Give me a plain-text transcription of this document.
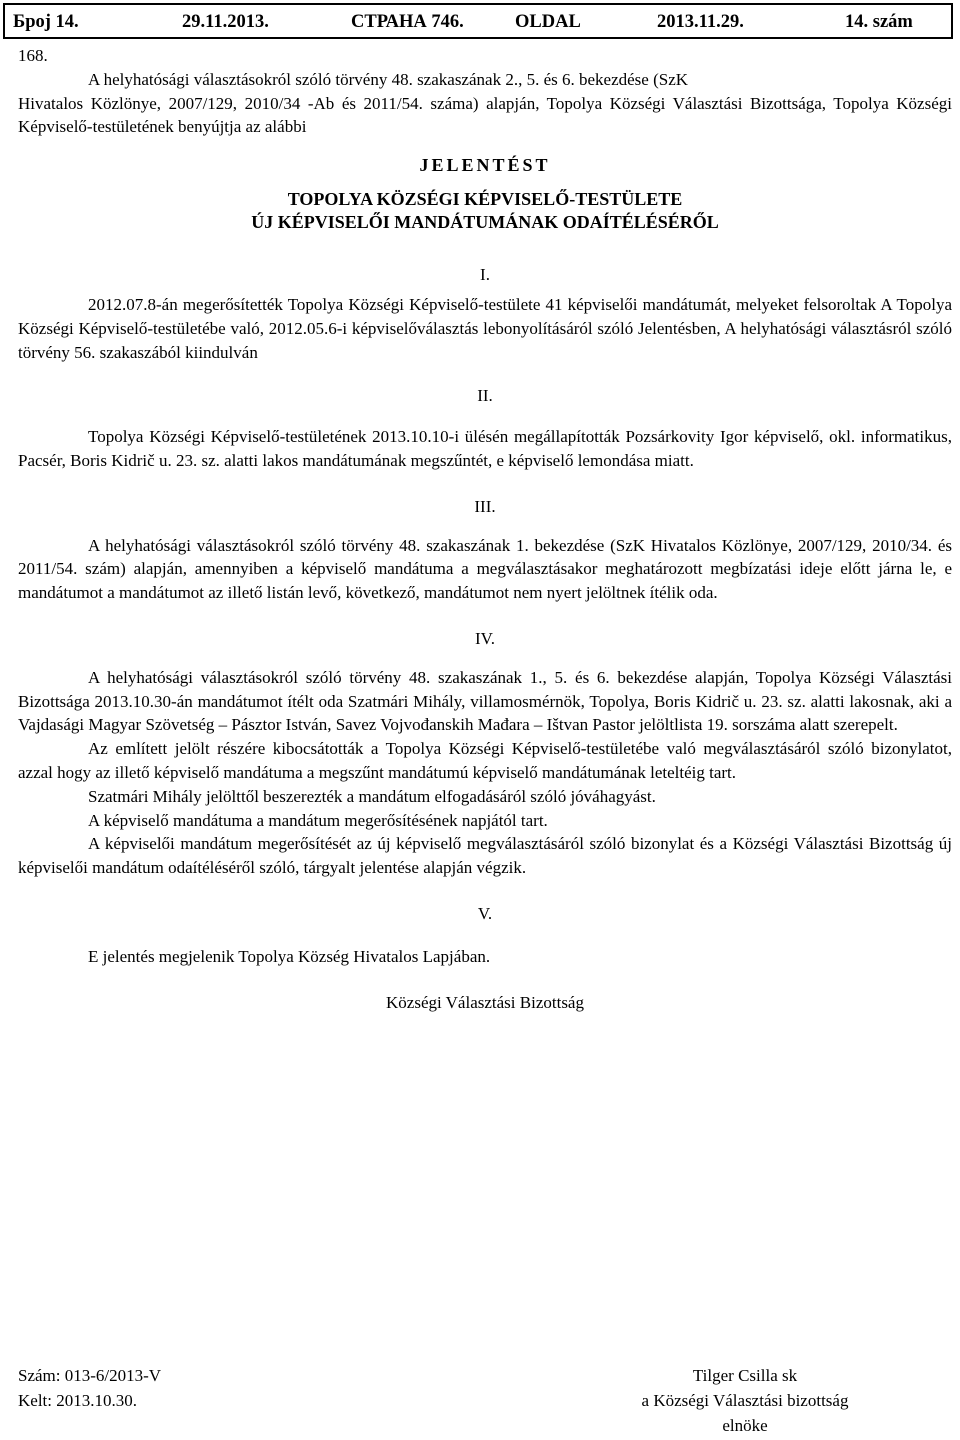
Број 14.	29.11.2013.	СТРАНА 746.	OLDAL	2013.11.29.	14. szám

168.

A helyhatósági választásokról szóló törvény 48. szakaszának 2., 5. és 6. bekezdése (SzK

Hivatalos Közlönye, 2007/129, 2010/34 -Ab és 2011/54. száma) alapján, Topolya Községi Választási Bizottsága, Topolya Községi Képviselő-testületének benyújtja az alábbi

JELENTÉST

TOPOLYA KÖZSÉGI KÉPVISELŐ-TESTÜLETE

ÚJ KÉPVISELŐI MANDÁTUMÁNAK ODAÍTÉLÉSÉRŐL

I.

2012.07.8-án megerősítették Topolya Községi Képviselő-testülete 41 képviselői mandátumát, melyeket felsoroltak A Topolya Községi Képviselő-testületébe való, 2012.05.6-i képviselőválasztás lebonyolításáról szóló Jelentésben, A helyhatósági választásról szóló törvény 56. szakaszából kiindulván

II.

Topolya Községi Képviselő-testületének 2013.10.10-i ülésén megállapították Pozsárkovity Igor képviselő, okl. informatikus, Pacsér, Boris Kidrič u. 23. sz. alatti lakos mandátumának megszűntét, e képviselő lemondása miatt.

III.

A helyhatósági választásokról szóló törvény 48. szakaszának 1. bekezdése (SzK Hivatalos Közlönye, 2007/129, 2010/34. és 2011/54. szám) alapján, amennyiben a képviselő mandátuma a megválasztásakor meghatározott megbízatási ideje előtt járna le, e mandátumot a mandátumot az illető listán levő, következő, mandátumot nem nyert jelöltnek ítélik oda.

IV.

A helyhatósági választásokról szóló törvény 48. szakaszának 1., 5. és 6. bekezdése alapján, Topolya Községi Választási Bizottsága 2013.10.30-án mandátumot ítélt oda Szatmári Mihály, villamosmérnök, Topolya, Boris Kidrič u. 23. sz. alatti lakosnak, aki a Vajdasági Magyar Szövetség – Pásztor István, Savez Vojvođanskih Mađara – Ištvan Pastor jelöltlista 19. sorszáma alatt szerepelt.

Az említett jelölt részére kibocsátották a Topolya Községi Képviselő-testületébe való megválasztásáról szóló bizonylatot, azzal hogy az illető képviselő mandátuma a megszűnt mandátumú képviselő mandátumának leteltéig tart.

Szatmári Mihály jelölttől beszerezték a mandátum elfogadásáról szóló jóváhagyást.

A képviselő mandátuma a mandátum megerősítésének napjától tart.

A képviselői mandátum megerősítését az új képviselő megválasztásáról szóló bizonylat és a Községi Választási Bizottság új képviselői mandátum odaítéléséről szóló, tárgyalt jelentése alapján végzik.

V.

E jelentés megjelenik Topolya Község Hivatalos Lapjában.

Községi Választási Bizottság

Szám: 013-6/2013-V
Kelt: 2013.10.30.
Tilger Csilla sk
a Községi Választási bizottság
elnöke
